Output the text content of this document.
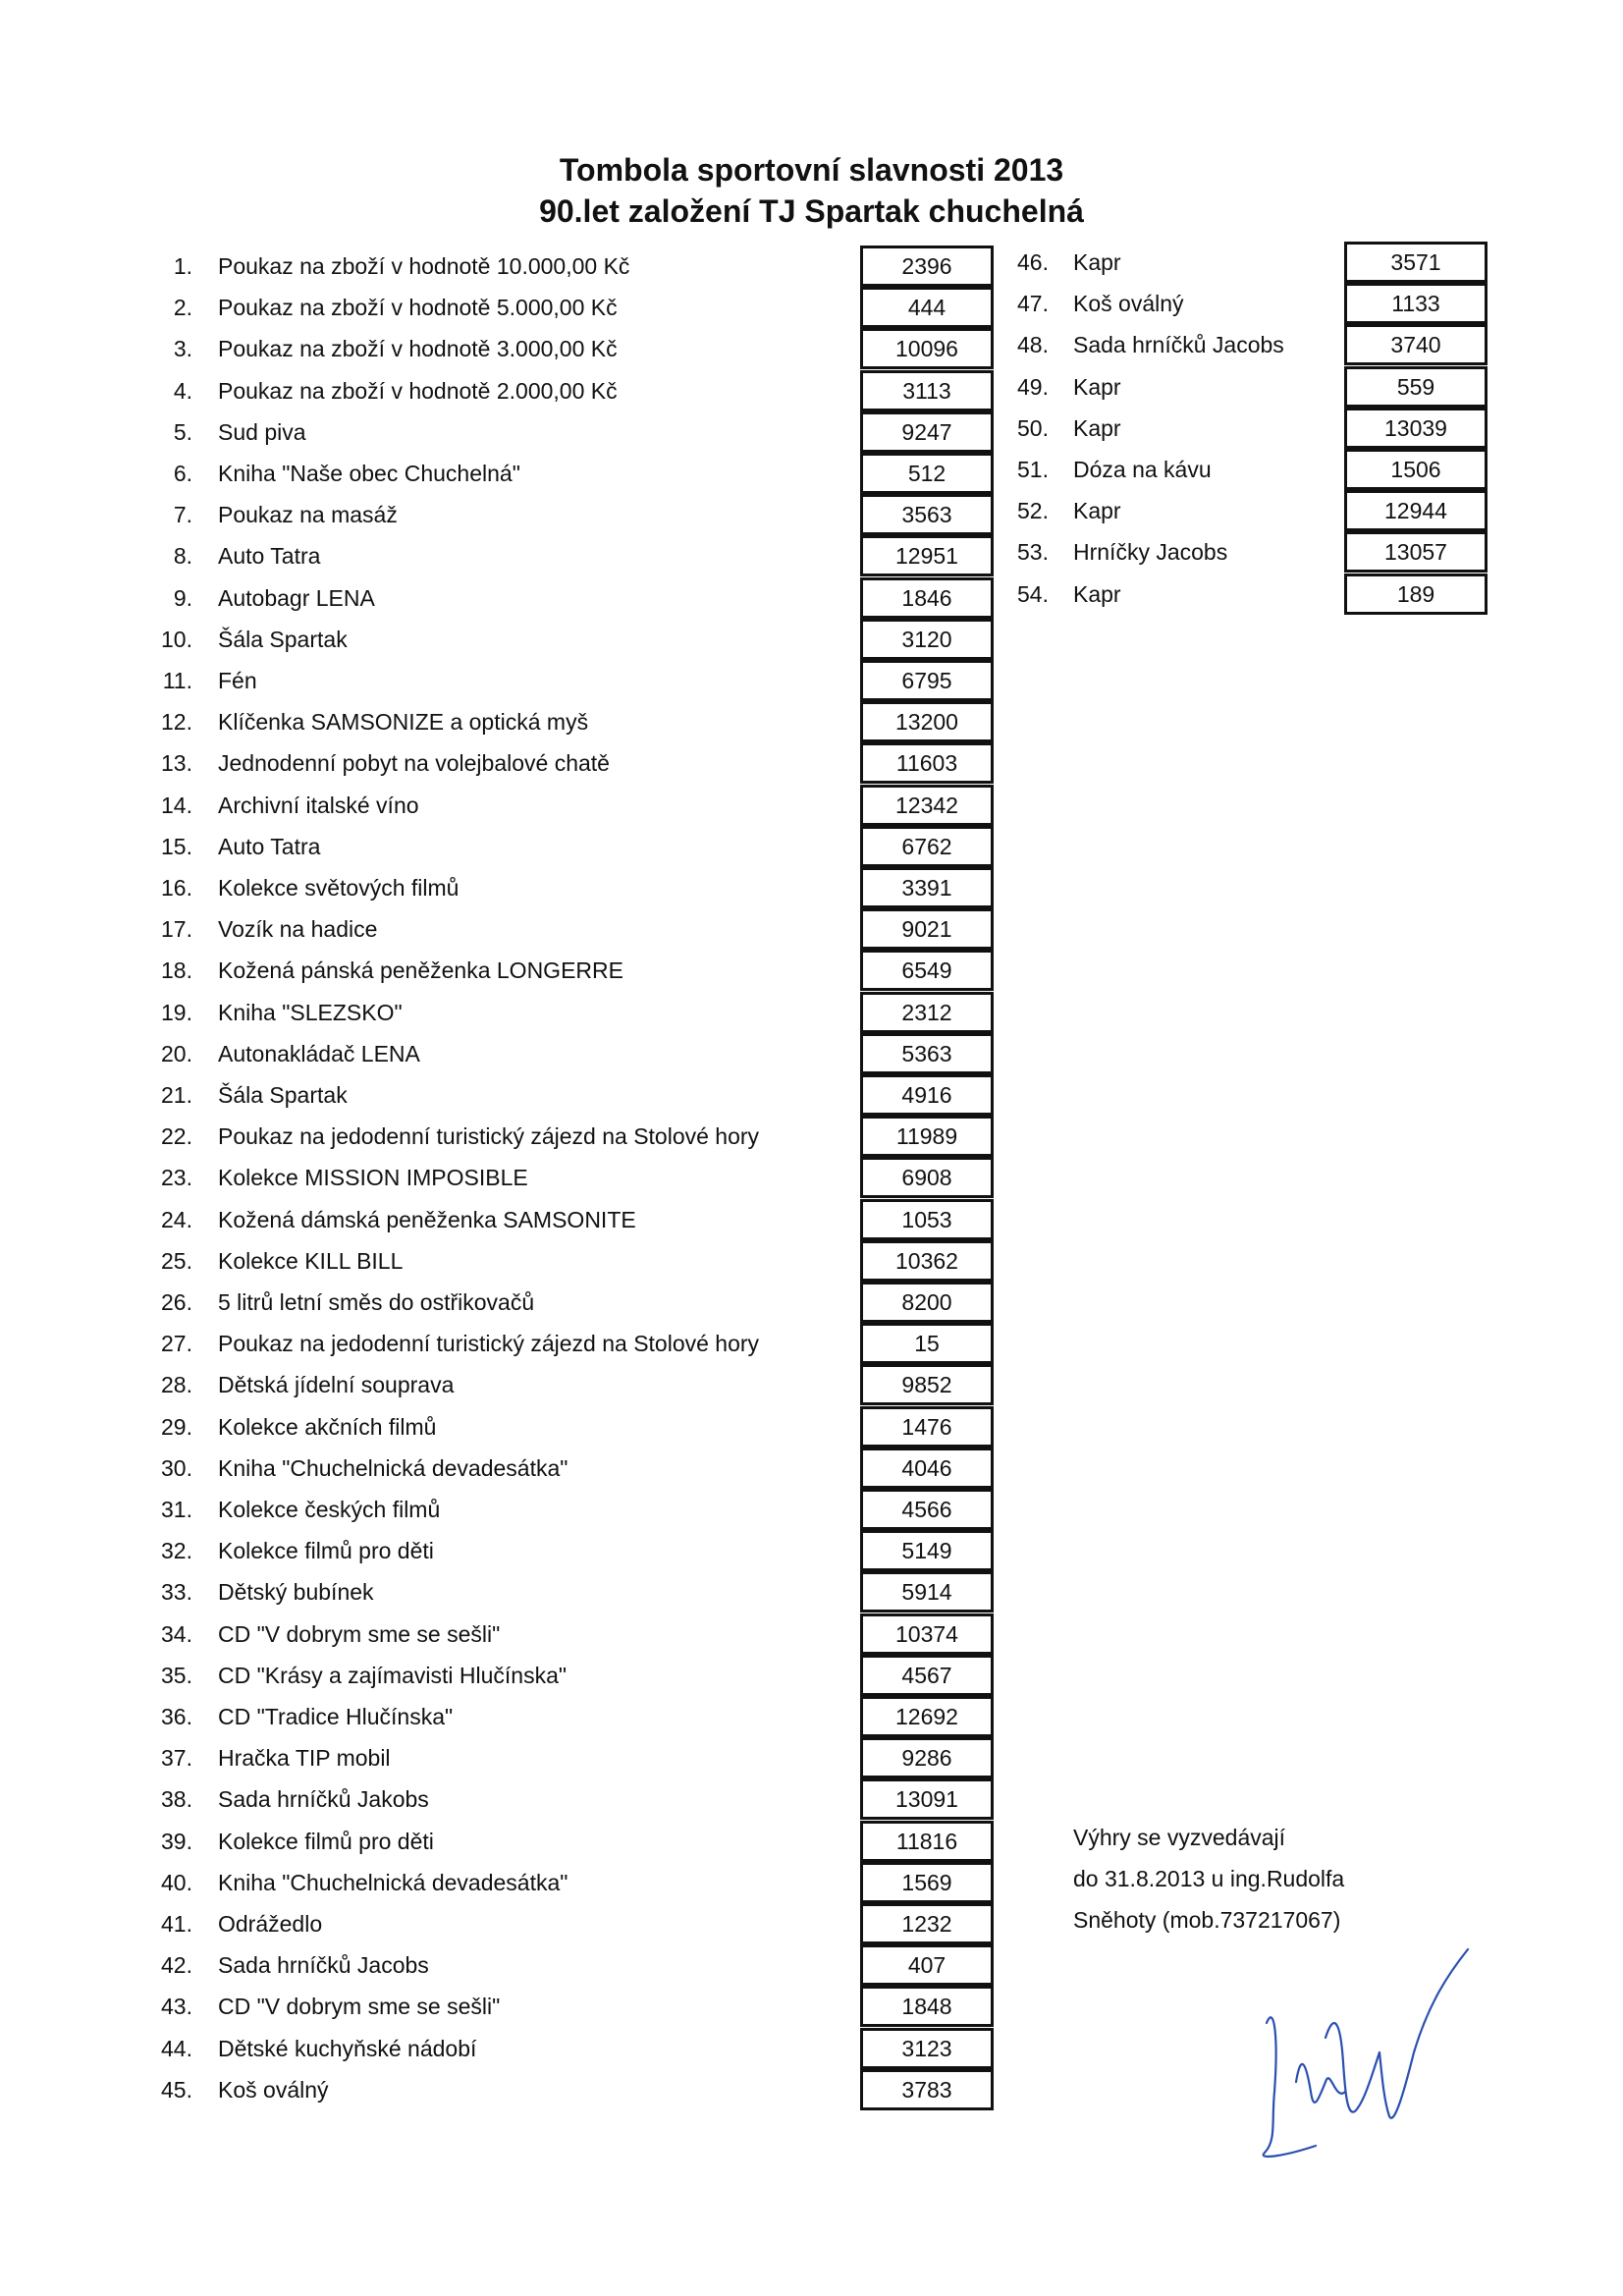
Tombola sportovní slavnosti 2013
90.let založení TJ Spartak chuchelná
1. Poukaz na zboží v hodnotě 10.000,00 Kč	2396
2. Poukaz na zboží v hodnotě 5.000,00 Kč	444
3. Poukaz na zboží v hodnotě 3.000,00 Kč	10096
4. Poukaz na zboží v hodnotě 2.000,00 Kč	3113
5. Sud piva	9247
6. Kniha "Naše obec Chuchelná"	512
7. Poukaz na masáž	3563
8. Auto Tatra	12951
9. Autobagr LENA	1846
10. Šála Spartak	3120
11. Fén	6795
12. Klíčenka SAMSONIZE a optická myš	13200
13. Jednodenní pobyt na volejbalové chatě	11603
14. Archivní italské víno	12342
15. Auto Tatra	6762
16. Kolekce světových filmů	3391
17. Vozík na hadice	9021
18. Kožená pánská peněženka LONGERRE	6549
19. Kniha "SLEZSKO"	2312
20. Autonakládač LENA	5363
21. Šála Spartak	4916
22. Poukaz na jedodenní turistický zájezd na Stolové hory	11989
23. Kolekce MISSION IMPOSIBLE	6908
24. Kožená dámská peněženka SAMSONITE	1053
25. Kolekce KILL BILL	10362
26. 5 litrů letní směs do ostřikovačů	8200
27. Poukaz na jedodenní turistický zájezd na Stolové hory	15
28. Dětská jídelní souprava	9852
29. Kolekce akčních filmů	1476
30. Kniha "Chuchelnická devadesátka"	4046
31. Kolekce českých filmů	4566
32. Kolekce filmů pro děti	5149
33. Dětský bubínek	5914
34. CD "V dobrym sme se sešli"	10374
35. CD "Krásy a zajímavisti Hlučínska"	4567
36. CD "Tradice Hlučínska"	12692
37. Hračka TIP mobil	9286
38. Sada hrníčků Jakobs	13091
39. Kolekce filmů pro děti	11816
40. Kniha "Chuchelnická devadesátka"	1569
41. Odrážedlo	1232
42. Sada hrníčků Jacobs	407
43. CD "V dobrym sme se sešli"	1848
44. Dětské kuchyňské nádobí	3123
45. Koš oválný	3783
46. Kapr	3571
47. Koš oválný	1133
48. Sada hrníčků Jacobs	3740
49. Kapr	559
50. Kapr	13039
51. Dóza na kávu	1506
52. Kapr	12944
53. Hrníčky Jacobs	13057
54. Kapr	189
Výhry se vyzvedávají
do 31.8.2013 u ing.Rudolfa
Sněhoty (mob.737217067)
